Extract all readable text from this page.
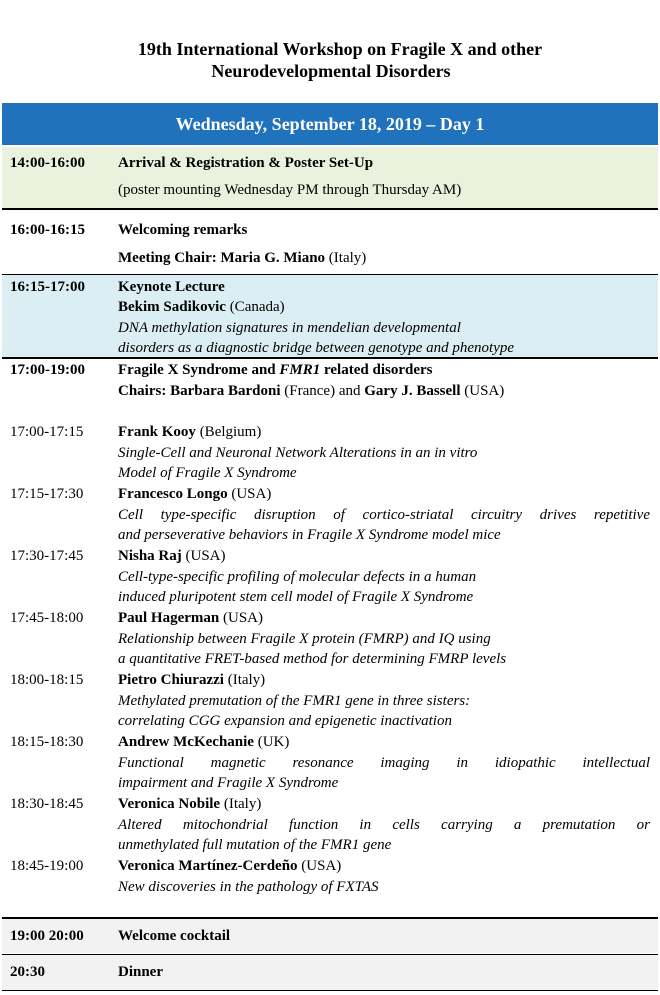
19th International Workshop on Fragile X and other
Neurodevelopmental Disorders
Wednesday, September 18, 2019 – Day 1
14:00-16:00 Arrival & Registration & Poster Set-Up
(poster mounting Wednesday PM through Thursday AM)
16:00-16:15 Welcoming remarks
Meeting Chair: Maria G. Miano (Italy)
16:15-17:00 Keynote Lecture
Bekim Sadikovic (Canada)
DNA methylation signatures in mendelian developmental
disorders as a diagnostic bridge between genotype and phenotype
17:00-19:00 Fragile X Syndrome and FMR1 related disorders
Chairs: Barbara Bardoni (France) and Gary J. Bassell (USA)
17:00-17:15 Frank Kooy (Belgium)
Single-Cell and Neuronal Network Alterations in an in vitro
Model of Fragile X Syndrome
17:15-17:30 Francesco Longo (USA)
Cell type-specific disruption of cortico-striatal circuitry drives repetitive
and perseverative behaviors in Fragile X Syndrome model mice
17:30-17:45 Nisha Raj (USA)
Cell-type-specific profiling of molecular defects in a human
induced pluripotent stem cell model of Fragile X Syndrome
17:45-18:00 Paul Hagerman (USA)
Relationship between Fragile X protein (FMRP) and IQ using
a quantitative FRET-based method for determining FMRP levels
18:00-18:15 Pietro Chiurazzi (Italy)
Methylated premutation of the FMR1 gene in three sisters:
correlating CGG expansion and epigenetic inactivation
18:15-18:30 Andrew McKechanie (UK)
Functional magnetic resonance imaging in idiopathic intellectual
impairment and Fragile X Syndrome
18:30-18:45 Veronica Nobile (Italy)
Altered mitochondrial function in cells carrying a premutation or
unmethylated full mutation of the FMR1 gene
18:45-19:00 Veronica Martínez-Cerdeño (USA)
New discoveries in the pathology of FXTAS
19:00 20:00 Welcome cocktail
20:30	Dinner
